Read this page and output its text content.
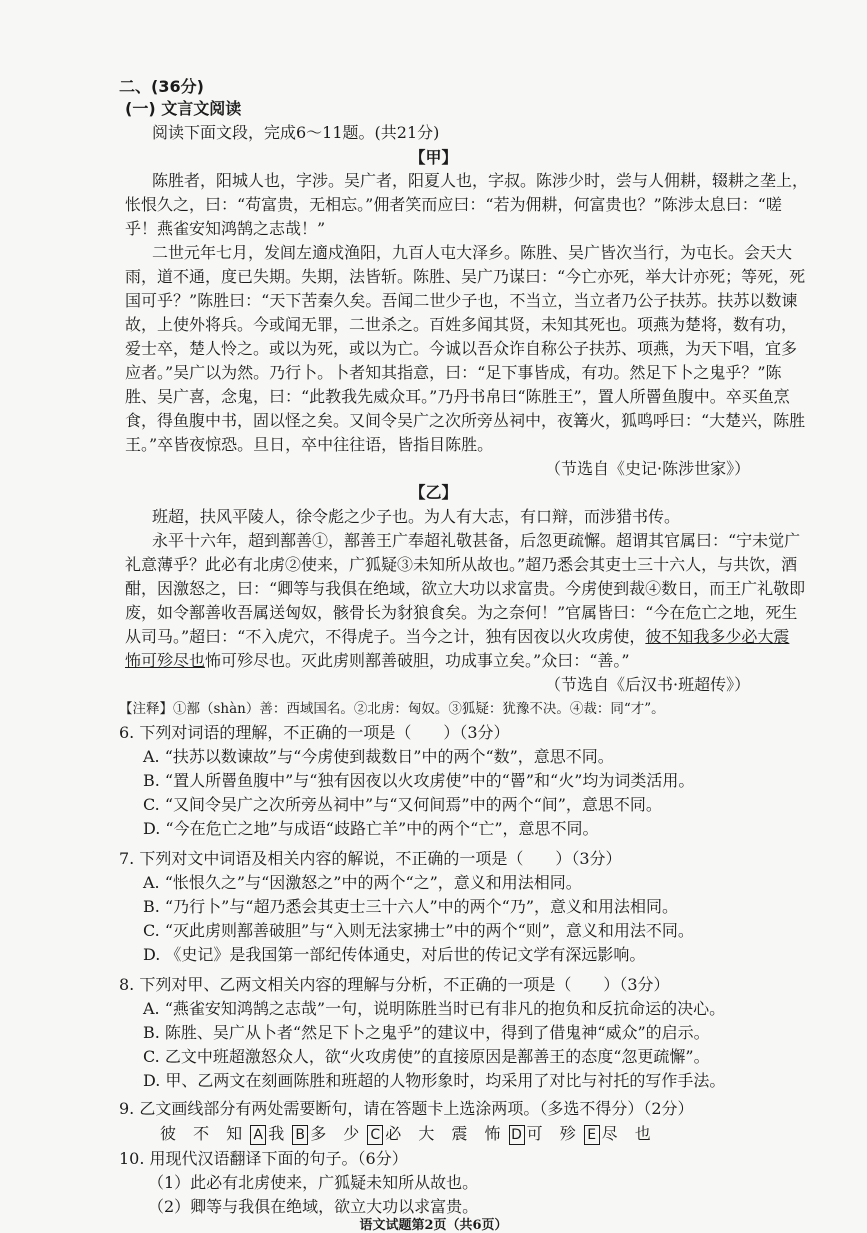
二、(36分)
(一) 文言文阅读
阅读下面文段，完成6～11题。(共21分)
【甲】
陈胜者，阳城人也，字涉。吴广者，阳夏人也，字叔。陈涉少时，尝与人佣耕，辍耕之垄上，
怅恨久之，曰：“苟富贵，无相忘。”佣者笑而应曰：“若为佣耕，何富贵也？”陈涉太息曰：“嗟
乎！燕雀安知鸿鹄之志哉！”
二世元年七月，发闾左適戍渔阳，九百人屯大泽乡。陈胜、吴广皆次当行，为屯长。会天大
雨，道不通，度已失期。失期，法皆斩。陈胜、吴广乃谋曰：“今亡亦死，举大计亦死；等死，死
国可乎？”陈胜曰：“天下苦秦久矣。吾闻二世少子也，不当立，当立者乃公子扶苏。扶苏以数谏
故，上使外将兵。今或闻无罪，二世杀之。百姓多闻其贤，未知其死也。项燕为楚将，数有功，
爱士卒，楚人怜之。或以为死，或以为亡。今诚以吾众诈自称公子扶苏、项燕，为天下唱，宜多
应者。”吴广以为然。乃行卜。卜者知其指意，曰：“足下事皆成，有功。然足下卜之鬼乎？”陈
胜、吴广喜，念鬼，曰：“此教我先威众耳。”乃丹书帛曰“陈胜王”，置人所罾鱼腹中。卒买鱼烹
食，得鱼腹中书，固以怪之矣。又间令吴广之次所旁丛祠中，夜篝火，狐鸣呼曰：“大楚兴，陈胜
王。”卒皆夜惊恐。旦日，卒中往往语，皆指目陈胜。
（节选自《史记·陈涉世家》）
【乙】
班超，扶风平陵人，徐令彪之少子也。为人有大志，有口辩，而涉猎书传。
永平十六年，超到鄯善①，鄯善王广奉超礼敬甚备，后忽更疏懈。超谓其官属曰：“宁未觉广
礼意薄乎？此必有北虏②使来，广狐疑③未知所从故也。”超乃悉会其吏士三十六人，与共饮，酒
酣，因激怒之，曰：“卿等与我俱在绝域，欲立大功以求富贵。今虏使到裁④数日，而王广礼敬即
废，如令鄯善收吾属送匈奴，骸骨长为豺狼食矣。为之奈何！”官属皆曰：“今在危亡之地，死生
从司马。”超曰：“不入虎穴，不得虎子。当今之计，独有因夜以火攻虏使，彼不知我多少必大震
怖可殄尽也怖可殄尽也。灭此虏则鄯善破胆，功成事立矣。”众曰：“善。”
（节选自《后汉书·班超传》）
【注释】①鄯（shàn）善：西域国名。②北虏：匈奴。③狐疑：犹豫不决。④裁：同“才”。
6. 下列对词语的理解，不正确的一项是（　　）（3分）
A. “扶苏以数谏故”与“今虏使到裁数日”中的两个“数”，意思不同。
B. “置人所罾鱼腹中”与“独有因夜以火攻虏使”中的“罾”和“火”均为词类活用。
C. “又间令吴广之次所旁丛祠中”与“又何间焉”中的两个“间”，意思不同。
D. “今在危亡之地”与成语“歧路亡羊”中的两个“亡”，意思不同。
7. 下列对文中词语及相关内容的解说，不正确的一项是（　　）（3分）
A. “怅恨久之”与“因激怒之”中的两个“之”，意义和用法相同。
B. “乃行卜”与“超乃悉会其吏士三十六人”中的两个“乃”，意义和用法相同。
C. “灭此虏则鄯善破胆”与“入则无法家拂士”中的两个“则”，意义和用法不同。
D. 《史记》是我国第一部纪传体通史，对后世的传记文学有深远影响。
8. 下列对甲、乙两文相关内容的理解与分析，不正确的一项是（　　）（3分）
A. “燕雀安知鸿鹄之志哉”一句，说明陈胜当时已有非凡的抱负和反抗命运的决心。
B. 陈胜、吴广从卜者“然足下卜之鬼乎”的建议中，得到了借鬼神“威众”的启示。
C. 乙文中班超激怒众人，欲“火攻虏使”的直接原因是鄯善王的态度“忽更疏懈”。
D. 甲、乙两文在刻画陈胜和班超的人物形象时，均采用了对比与衬托的写作手法。
9. 乙文画线部分有两处需要断句，请在答题卡上选涂两项。（多选不得分）（2分）
彼 不 知 A 我 B 多 少 C 必 大 震 怖 D 可 殄 E 尽 也
10. 用现代汉语翻译下面的句子。（6分）
（1）此必有北虏使来，广狐疑未知所从故也。
（2）卿等与我俱在绝域，欲立大功以求富贵。
语文试题第2页（共6页）
